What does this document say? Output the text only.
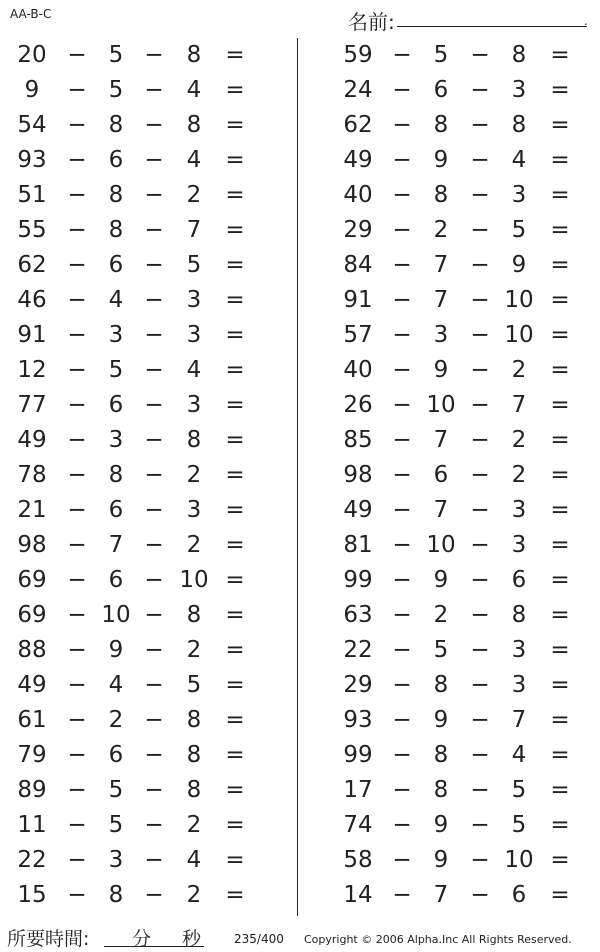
AA-B-C	名前:	.
20 − 5 −	8	=
9	− 5 −	4	=
54 − 8 −	8	=
93 − 6 −	4	=
51 − 8 −	2	=
55 − 8 −	7	=
62 − 6 −	5	=
46 − 4 −	3	=
91 − 3 −	3	=
12 − 5 −	4	=
77 − 6 −	3	=
49 − 3 −	8	=
78 − 8 −	2	=
21 − 6 −	3	=
98 − 7 −	2	=
69 − 6 − 10 =
69 − 10 −	8	=
88 − 9 −	2	=
49 − 4 −	5	=
61 − 2 −	8	=
79 − 6 −	8	=
89 − 5 −	8	=
11 − 5 −	2	=
22 − 3 −	4	=
15 − 8 −	2	=
59 − 5 − 8	=
24 − 6 − 3	=
62 − 8 − 8	=
49 − 9 − 4	=
40 − 8 − 3	=
29 − 2 − 5	=
84 − 7 − 9	=
91 − 7 − 10 =
57 − 3 − 10 =
40 − 9 − 2	=
26 − 10 − 7	=
85 − 7 − 2	=
98 − 6 − 2	=
49 − 7 − 3	=
81 − 10 − 3	=
99 − 9 − 6	=
63 − 2 − 8	=
22 − 5 − 3	=
29 − 8 − 3	=
93 − 9 − 7	=
99 − 8 − 4	=
17 − 8 − 5	=
74 − 9 − 5	=
58 − 9 − 10 =
14 − 7 − 6	=
所要時間: 分 秒	235/400 Copyright © 2006 Alpha.Inc All Rights Reserved.
